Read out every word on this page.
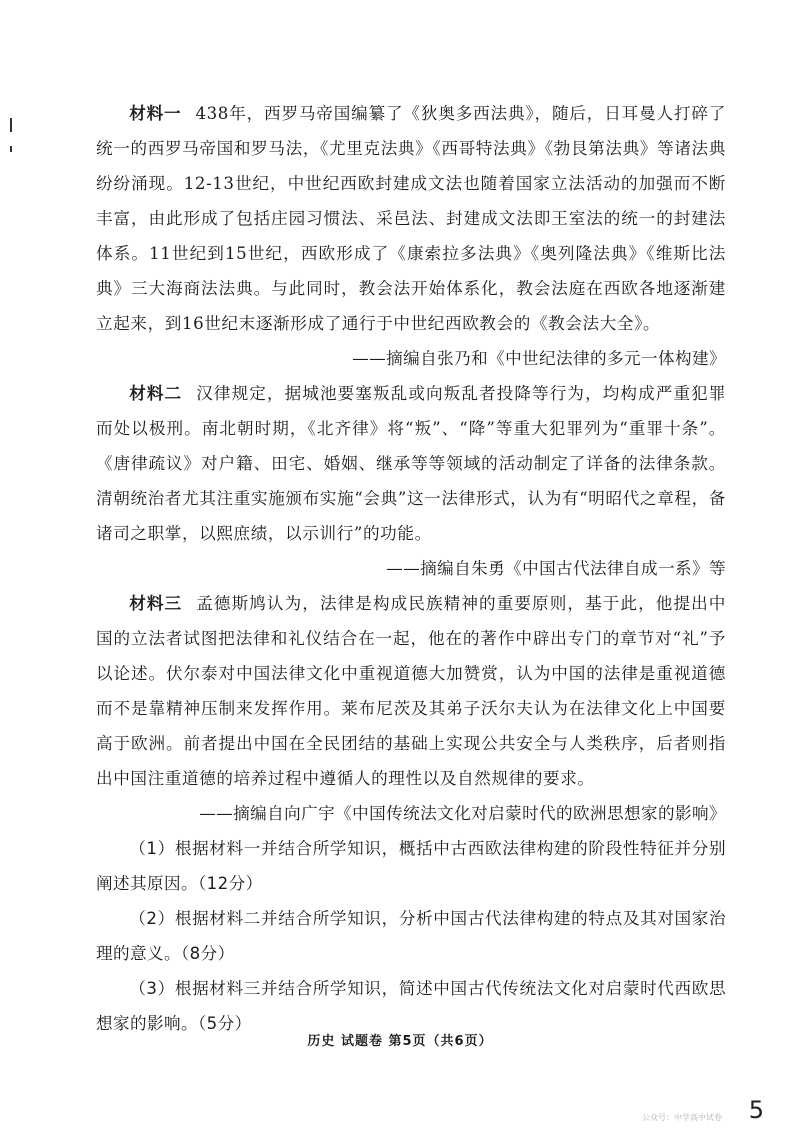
材料一 438年，西罗马帝国编纂了《狄奥多西法典》，随后，日耳曼人打碎了统一的西罗马帝国和罗马法，《尤里克法典》《西哥特法典》《勃艮第法典》等诸法典纷纷涌现。12-13世纪，中世纪西欧封建成文法也随着国家立法活动的加强而不断丰富，由此形成了包括庄园习惯法、采邑法、封建成文法即王室法的统一的封建法体系。11世纪到15世纪，西欧形成了《康索拉多法典》《奥列隆法典》《维斯比法典》三大海商法法典。与此同时，教会法开始体系化，教会法庭在西欧各地逐渐建立起来，到16世纪末逐渐形成了通行于中世纪西欧教会的《教会法大全》。

——摘编自张乃和《中世纪法律的多元一体构建》

材料二 汉律规定，据城池要塞叛乱或向叛乱者投降等行为，均构成严重犯罪而处以极刑。南北朝时期，《北齐律》将“叛”、“降”等重大犯罪列为“重罪十条”。《唐律疏议》对户籍、田宅、婚姻、继承等等领域的活动制定了详备的法律条款。清朝统治者尤其注重实施颁布实施“会典”这一法律形式，认为有“明昭代之章程，备诸司之职掌，以熙庶绩，以示训行”的功能。

——摘编自朱勇《中国古代法律自成一系》等

材料三 孟德斯鸠认为，法律是构成民族精神的重要原则，基于此，他提出中国的立法者试图把法律和礼仪结合在一起，他在的著作中辟出专门的章节对“礼”予以论述。伏尔泰对中国法律文化中重视道德大加赞赏，认为中国的法律是重视道德而不是靠精神压制来发挥作用。莱布尼茨及其弟子沃尔夫认为在法律文化上中国要高于欧洲。前者提出中国在全民团结的基础上实现公共安全与人类秩序，后者则指出中国注重道德的培养过程中遵循人的理性以及自然规律的要求。

——摘编自向广宇《中国传统法文化对启蒙时代的欧洲思想家的影响》

（1）根据材料一并结合所学知识，概括中古西欧法律构建的阶段性特征并分别阐述其原因。（12分）

（2）根据材料二并结合所学知识，分析中国古代法律构建的特点及其对国家治理的意义。（8分）

（3）根据材料三并结合所学知识，简述中国古代传统法文化对启蒙时代西欧思想家的影响。（5分）

历史 试题卷 第5页（共6页）
公众号：中学高中试卷 5
